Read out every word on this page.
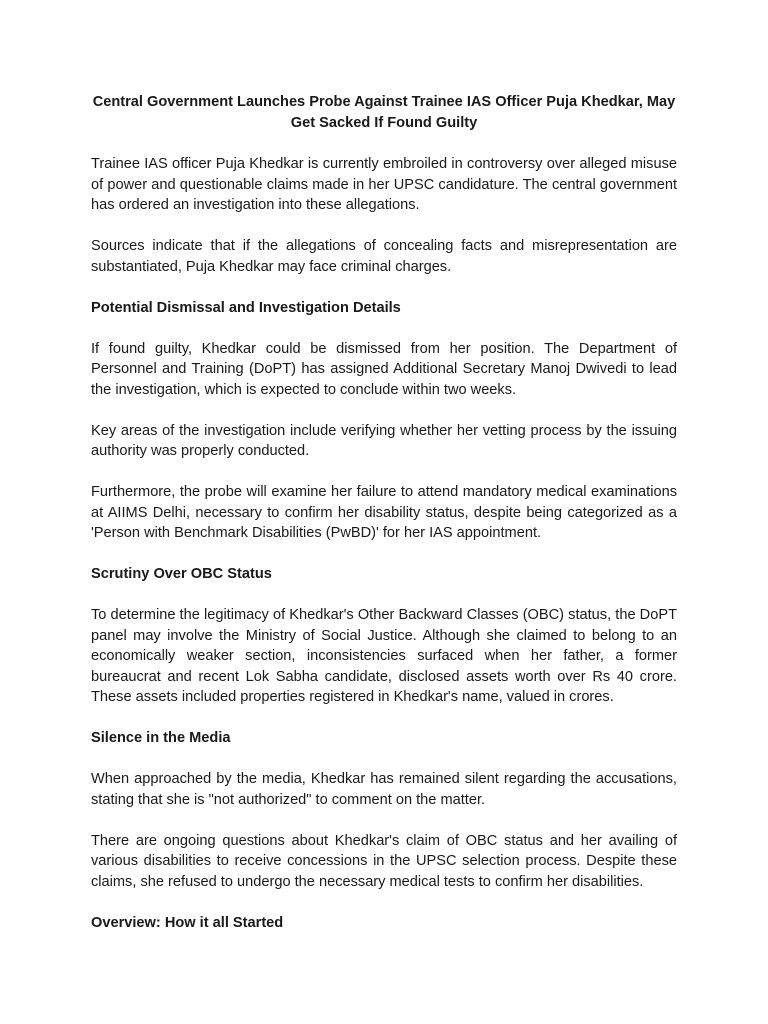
Central Government Launches Probe Against Trainee IAS Officer Puja Khedkar, May Get Sacked If Found Guilty
Trainee IAS officer Puja Khedkar is currently embroiled in controversy over alleged misuse of power and questionable claims made in her UPSC candidature. The central government has ordered an investigation into these allegations.
Sources indicate that if the allegations of concealing facts and misrepresentation are substantiated, Puja Khedkar may face criminal charges.
Potential Dismissal and Investigation Details
If found guilty, Khedkar could be dismissed from her position. The Department of Personnel and Training (DoPT) has assigned Additional Secretary Manoj Dwivedi to lead the investigation, which is expected to conclude within two weeks.
Key areas of the investigation include verifying whether her vetting process by the issuing authority was properly conducted.
Furthermore, the probe will examine her failure to attend mandatory medical examinations at AIIMS Delhi, necessary to confirm her disability status, despite being categorized as a 'Person with Benchmark Disabilities (PwBD)' for her IAS appointment.
Scrutiny Over OBC Status
To determine the legitimacy of Khedkar's Other Backward Classes (OBC) status, the DoPT panel may involve the Ministry of Social Justice. Although she claimed to belong to an economically weaker section, inconsistencies surfaced when her father, a former bureaucrat and recent Lok Sabha candidate, disclosed assets worth over Rs 40 crore. These assets included properties registered in Khedkar's name, valued in crores.
Silence in the Media
When approached by the media, Khedkar has remained silent regarding the accusations, stating that she is "not authorized" to comment on the matter.
There are ongoing questions about Khedkar's claim of OBC status and her availing of various disabilities to receive concessions in the UPSC selection process. Despite these claims, she refused to undergo the necessary medical tests to confirm her disabilities.
Overview: How it all Started
